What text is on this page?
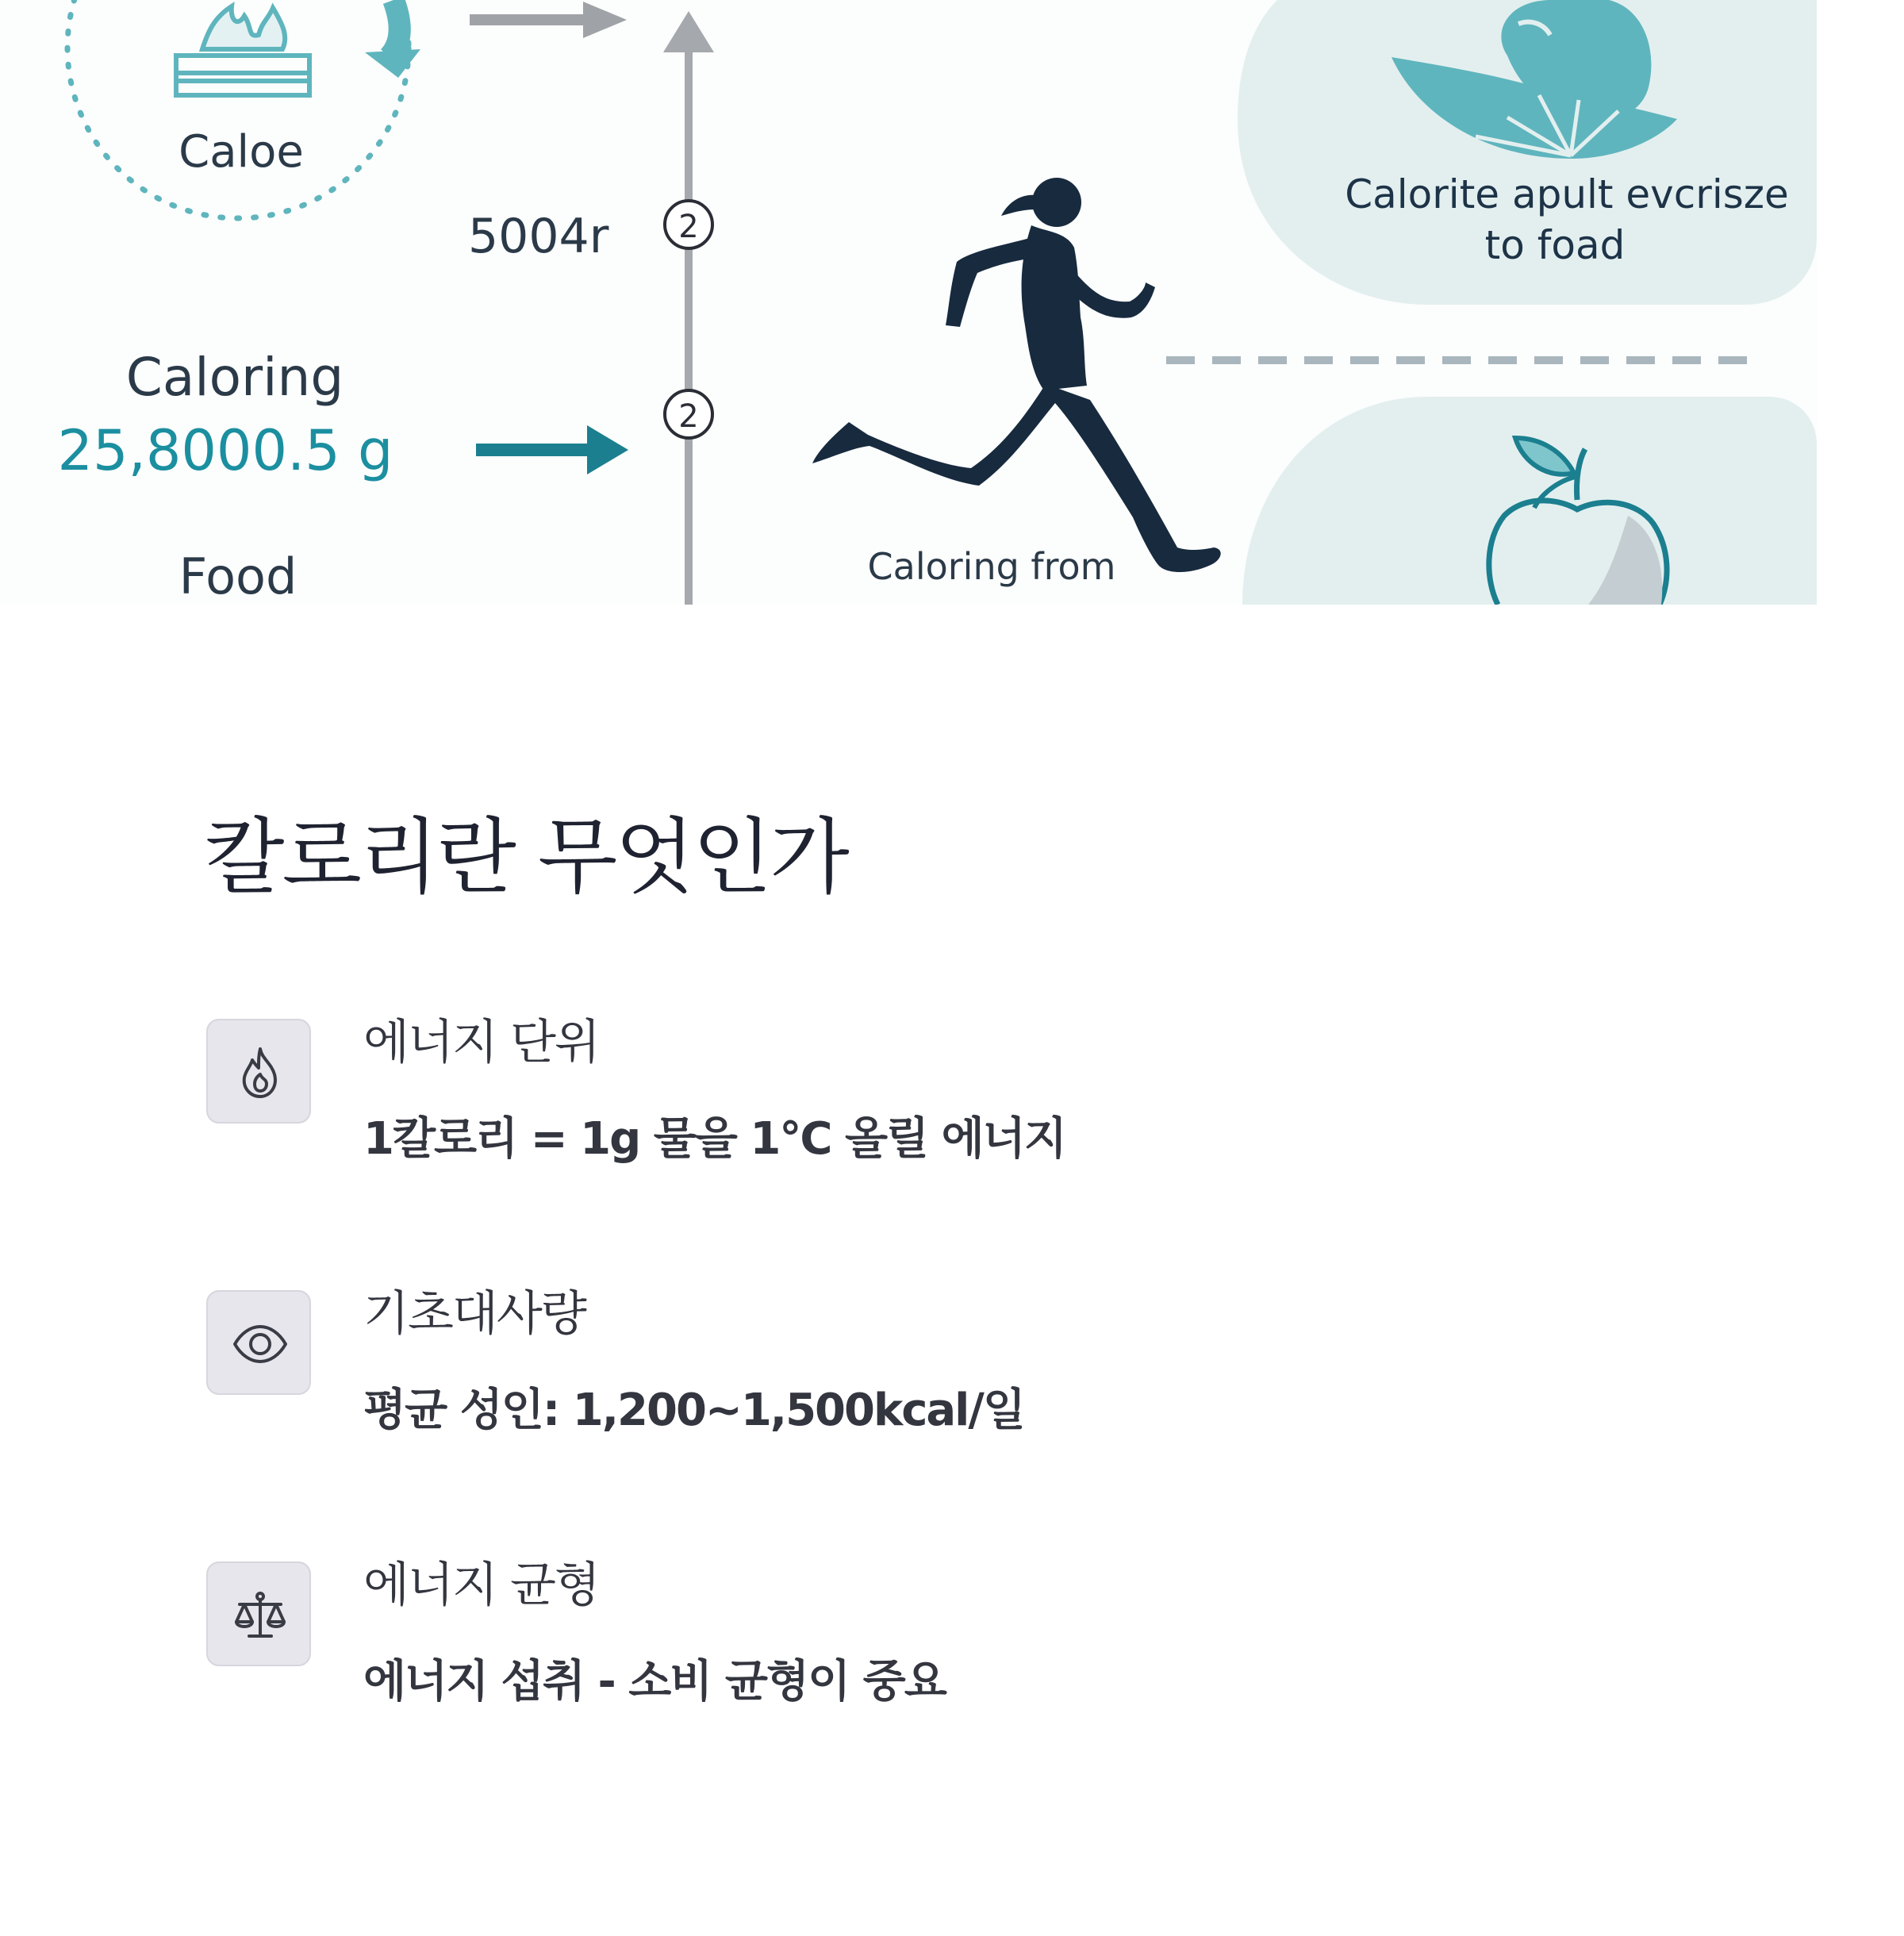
Caloe
5004r 2
2
Caloring
25,8000.5 g
Food	Caloring from
Calorite apult evcrisze
to foad
칼로리란 무엇인가
에너지 단위

1칼로리 = 1g 물을 1°C 올릴 에너지

기초대사량

평균 성인: 1,200~1,500kcal/일

에너지 균형

에너지 섭취 - 소비 균형이 중요
